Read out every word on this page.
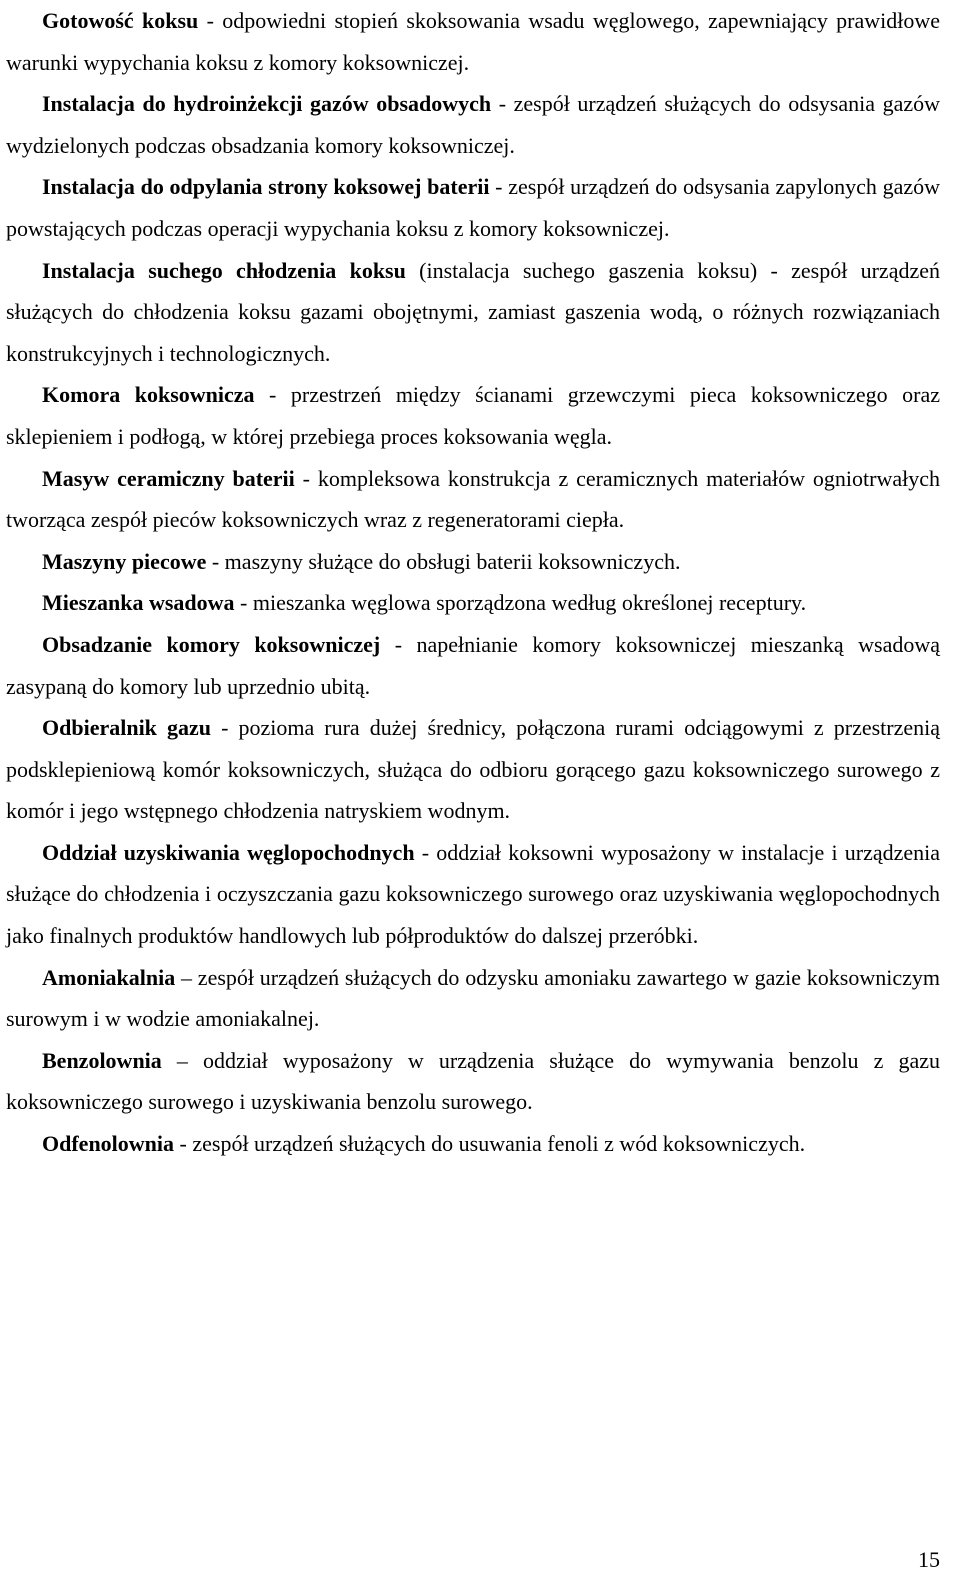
Gotowość koksu - odpowiedni stopień skoksowania wsadu węglowego, zapewniający prawidłowe warunki wypychania koksu z komory koksowniczej.

Instalacja do hydroinżekcji gazów obsadowych - zespół urządzeń służących do odsysania gazów wydzielonych podczas obsadzania komory koksowniczej.

Instalacja do odpylania strony koksowej baterii - zespół urządzeń do odsysania zapylonych gazów powstających podczas operacji wypychania koksu z komory koksowniczej.

Instalacja suchego chłodzenia koksu (instalacja suchego gaszenia koksu) - zespół urządzeń służących do chłodzenia koksu gazami obojętnymi, zamiast gaszenia wodą, o różnych rozwiązaniach konstrukcyjnych i technologicznych.

Komora koksownicza - przestrzeń między ścianami grzewczymi pieca koksowniczego oraz sklepieniem i podłogą, w której przebiega proces koksowania węgla.

Masyw ceramiczny baterii - kompleksowa konstrukcja z ceramicznych materiałów ogniotrwałych tworząca zespół pieców koksowniczych wraz z regeneratorami ciepła.

Maszyny piecowe - maszyny służące do obsługi baterii koksowniczych.

Mieszanka wsadowa - mieszanka węglowa sporządzona według określonej receptury.

Obsadzanie komory koksowniczej - napełnianie komory koksowniczej mieszanką wsadową zasypaną do komory lub uprzednio ubitą.

Odbieralnik gazu - pozioma rura dużej średnicy, połączona rurami odciągowymi z przestrzenią podsklepieniową komór koksowniczych, służąca do odbioru gorącego gazu koksowniczego surowego z komór i jego wstępnego chłodzenia natryskiem wodnym.

Oddział uzyskiwania węglopochodnych - oddział koksowni wyposażony w instalacje i urządzenia służące do chłodzenia i oczyszczania gazu koksowniczego surowego oraz uzyskiwania węglopochodnych jako finalnych produktów handlowych lub półproduktów do dalszej przeróbki.

Amoniakalnia – zespół urządzeń służących do odzysku amoniaku zawartego w gazie koksowniczym surowym i w wodzie amoniakalnej.

Benzolownia – oddział wyposażony w urządzenia służące do wymywania benzolu z gazu koksowniczego surowego i uzyskiwania benzolu surowego.

Odfenolownia - zespół urządzeń służących do usuwania fenoli z wód koksowniczych.

15
